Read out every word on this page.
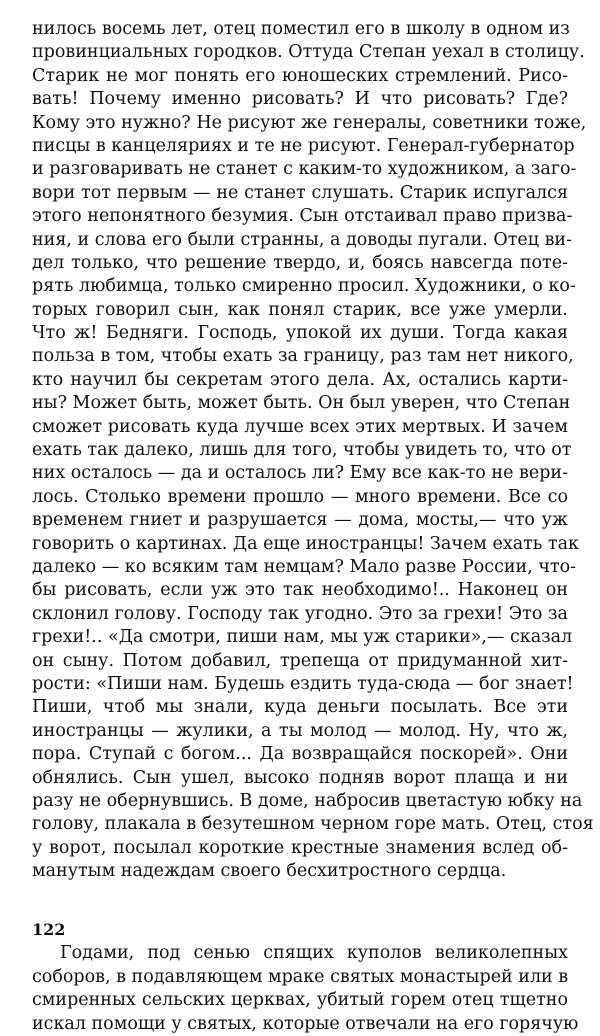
нилось восемь лет, отец поместил его в школу в одном из
провинциальных городков. Оттуда Степан уехал в столицу.
Старик не мог понять его юношеских стремлений. Рисо-
вать! Почему именно рисовать? И что рисовать? Где?
Кому это нужно? Не рисуют же генералы, советники тоже,
писцы в канцеляриях и те не рисуют. Генерал-губернатор
и разговаривать не станет с каким-то художником, а заго-
вори тот первым — не станет слушать. Старик испугался
этого непонятного безумия. Сын отстаивал право призва-
ния, и слова его были странны, а доводы пугали. Отец ви-
дел только, что решение твердо, и, боясь навсегда поте-
рять любимца, только смиренно просил. Художники, о ко-
торых говорил сын, как понял старик, все уже умерли.
Что ж! Бедняги. Господь, упокой их души. Тогда какая
польза в том, чтобы ехать за границу, раз там нет никого,
кто научил бы секретам этого дела. Ах, остались карти-
ны? Может быть, может быть. Он был уверен, что Степан
сможет рисовать куда лучше всех этих мертвых. И зачем
ехать так далеко, лишь для того, чтобы увидеть то, что от
них осталось — да и осталось ли? Ему все как-то не вери-
лось. Столько времени прошло — много времени. Все со
временем гниет и разрушается — дома, мосты,— что уж
говорить о картинах. Да еще иностранцы! Зачем ехать так
далеко — ко всяким там немцам? Мало разве России, что-
бы рисовать, если уж это так необходимо!.. Наконец он
склонил голову. Господу так угодно. Это за грехи! Это за
грехи!.. «Да смотри, пиши нам, мы уж старики»,— сказал
он сыну. Потом добавил, трепеща от придуманной хит-
рости: «Пиши нам. Будешь ездить туда-сюда — бог знает!
Пиши, чтоб мы знали, куда деньги посылать. Все эти
иностранцы — жулики, а ты молод — молод. Ну, что ж,
пора. Ступай с богом... Да возвращайся поскорей». Они
обнялись. Сын ушел, высоко подняв ворот плаща и ни
разу не обернувшись. В доме, набросив цветастую юбку на
голову, плакала в безутешном черном горе мать. Отец, стоя
у ворот, посылал короткие крестные знамения вслед об-
манутым надеждам своего бесхитростного сердца.
Годами, под сенью спящих куполов великолепных
соборов, в подавляющем мраке святых монастырей или в
смиренных сельских церквах, убитый горем отец тщетно
искал помощи у святых, которые отвечали на его горячую
122
